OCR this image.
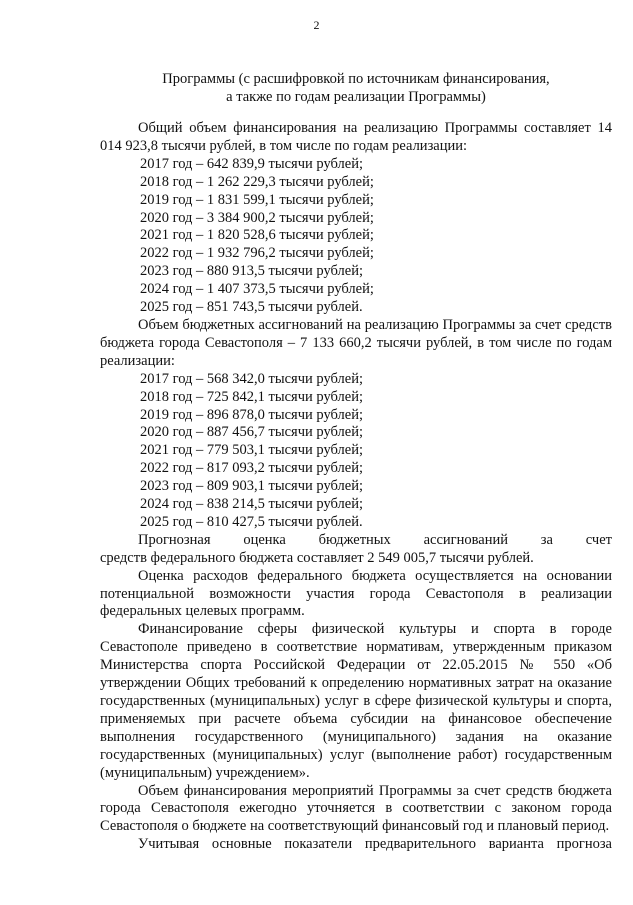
2
Программы (с расшифровкой по источникам финансирования,
а также по годам реализации Программы)

Общий объем финансирования на реализацию Программы составляет 14 014 923,8 тысячи рублей, в том числе по годам реализации:

2017 год – 642 839,9 тысячи рублей;
2018 год – 1 262 229,3 тысячи рублей;
2019 год – 1 831 599,1 тысячи рублей;
2020 год – 3 384 900,2 тысячи рублей;
2021 год – 1 820 528,6 тысячи рублей;
2022 год – 1 932 796,2 тысячи рублей;
2023 год – 880 913,5 тысячи рублей;
2024 год – 1 407 373,5 тысячи рублей;
2025 год – 851 743,5 тысячи рублей.

Объем бюджетных ассигнований на реализацию Программы за счет средств бюджета города Севастополя – 7 133 660,2 тысячи рублей, в том числе по годам реализации:

2017 год – 568 342,0 тысячи рублей;
2018 год – 725 842,1 тысячи рублей;
2019 год – 896 878,0 тысячи рублей;
2020 год – 887 456,7 тысячи рублей;
2021 год – 779 503,1 тысячи рублей;
2022 год – 817 093,2 тысячи рублей;
2023 год – 809 903,1 тысячи рублей;
2024 год – 838 214,5 тысячи рублей;
2025 год – 810 427,5 тысячи рублей.

Прогнозная оценка бюджетных ассигнований за счет

средств федерального бюджета составляет 2 549 005,7 тысячи рублей.

Оценка расходов федерального бюджета осуществляется на основании потенциальной возможности участия города Севастополя в реализации федеральных целевых программ.

Финансирование сферы физической культуры и спорта в городе Севастополе приведено в соответствие нормативам, утвержденным приказом Министерства спорта Российской Федерации от 22.05.2015 № 550 «Об утверждении Общих требований к определению нормативных затрат на оказание государственных (муниципальных) услуг в сфере физической культуры и спорта, применяемых при расчете объема субсидии на финансовое обеспечение выполнения государственного (муниципального) задания на оказание государственных (муниципальных) услуг (выполнение работ) государственным (муниципальным) учреждением».

Объем финансирования мероприятий Программы за счет средств бюджета города Севастополя ежегодно уточняется в соответствии с законом города Севастополя о бюджете на соответствующий финансовый год и плановый период.

Учитывая основные показатели предварительного варианта прогноза
